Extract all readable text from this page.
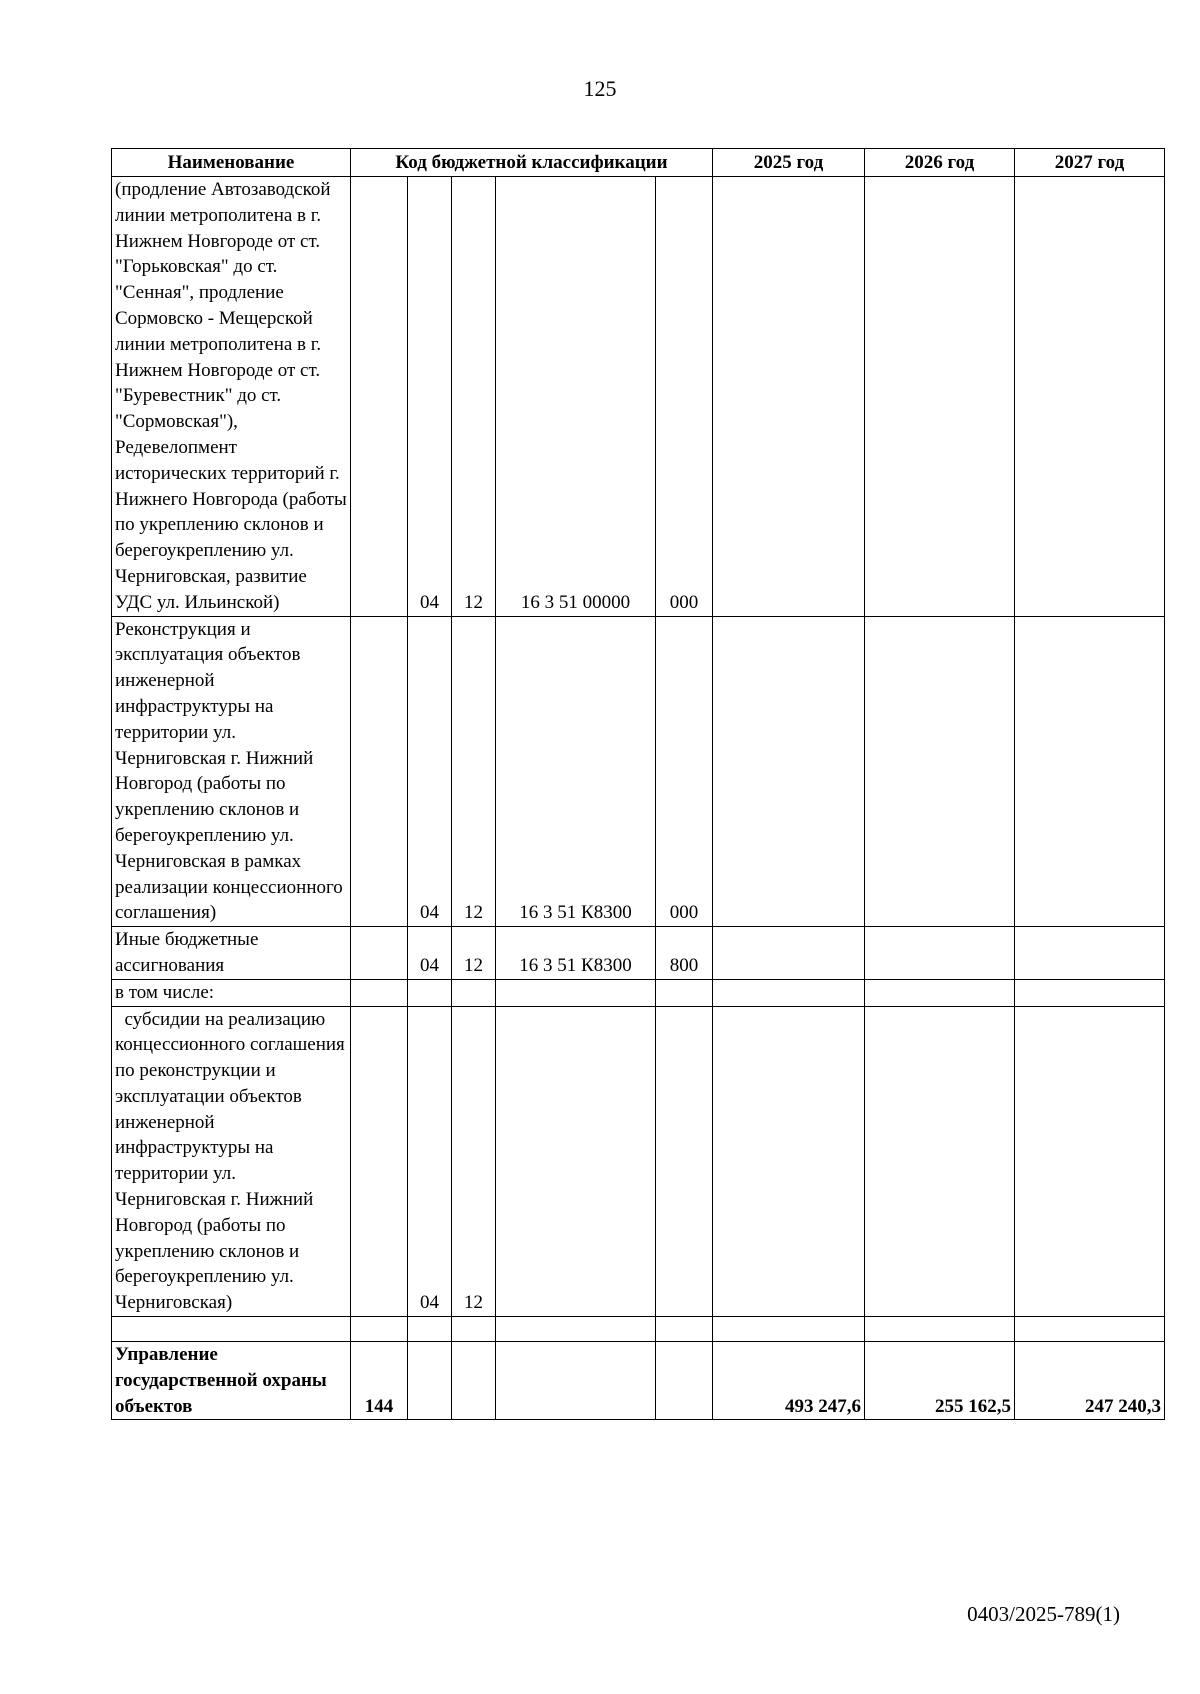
125
Наименование	Код бюджетной классификации					2025 год	2026 год	2027 год
(продление Автозаводской линии метрополитена в г. Нижнем Новгороде от ст. "Горьковская" до ст. "Сенная", продление Сормовско - Мещерской линии метрополитена в г. Нижнем Новгороде от ст. "Буревестник" до ст. "Сормовская"), Редевелопмент исторических территорий г. Нижнего Новгорода (работы по укреплению склонов и берегоукреплению ул. Черниговская, развитие УДС ул. Ильинской)		04	12	16 3 51 00000	000			
Реконструкция и эксплуатация объектов инженерной инфраструктуры на территории ул. Черниговская г. Нижний Новгород (работы по укреплению склонов и берегоукреплению ул. Черниговская в рамках реализации концессионного соглашения)		04	12	16 3 51 К8300	000			
Иные бюджетные ассигнования		04	12	16 3 51 К8300	800			
в том числе:								
субсидии на реализацию концессионного соглашения по реконструкции и эксплуатации объектов инженерной инфраструктуры на территории ул. Черниговская г. Нижний Новгород (работы по укреплению склонов и берегоукреплению ул. Черниговская)		04	12					

Управление государственной охраны объектов	144					493 247,6	255 162,5	247 240,3
0403/2025-789(1)
